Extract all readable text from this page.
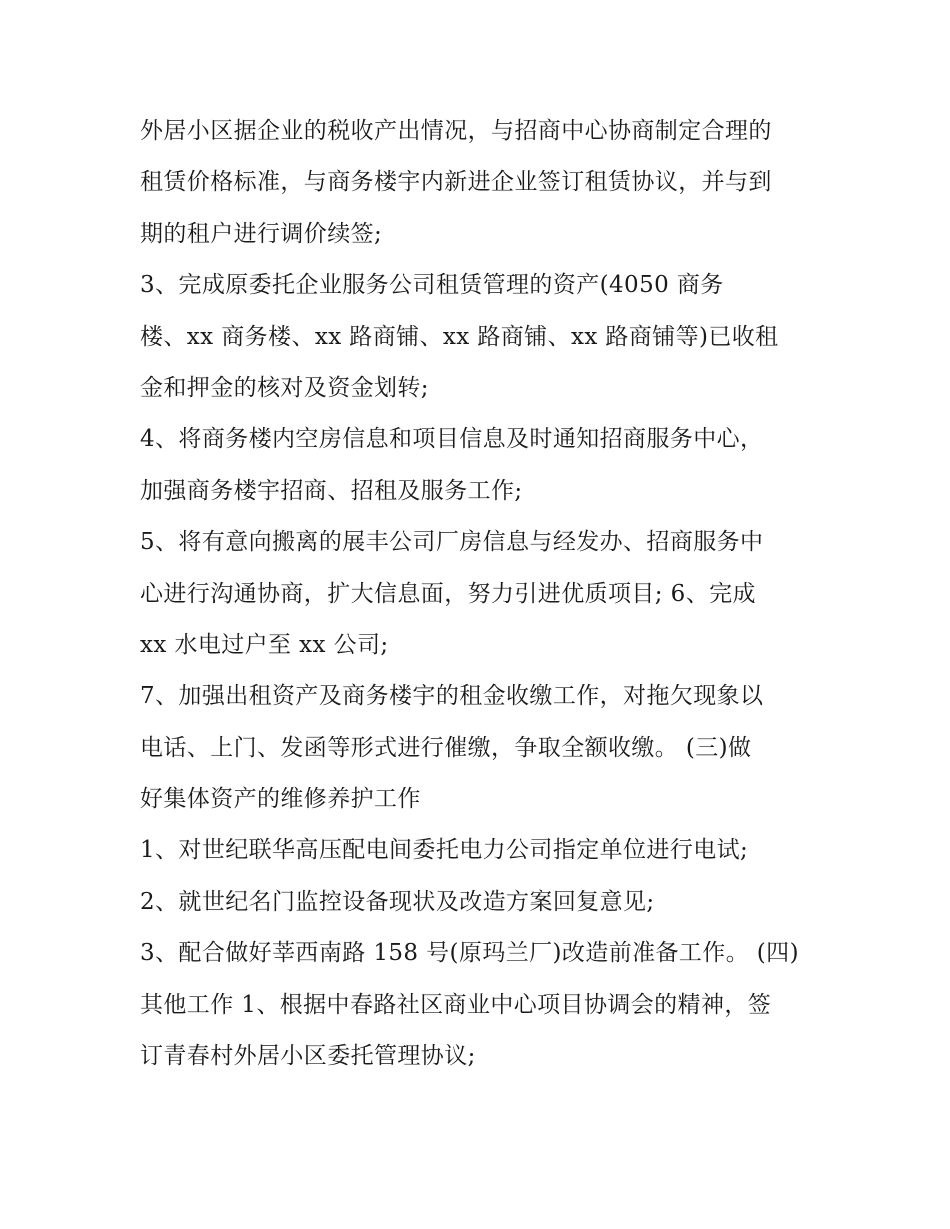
外居小区据企业的税收产出情况，与招商中心协商制定合理的
租赁价格标准，与商务楼宇内新进企业签订租赁协议，并与到
期的租户进行调价续签;
3、完成原委托企业服务公司租赁管理的资产(4050 商务
楼、xx 商务楼、xx 路商铺、xx 路商铺、xx 路商铺等)已收租
金和押金的核对及资金划转;
4、将商务楼内空房信息和项目信息及时通知招商服务中心，
加强商务楼宇招商、招租及服务工作;
5、将有意向搬离的展丰公司厂房信息与经发办、招商服务中
心进行沟通协商，扩大信息面，努力引进优质项目; 6、完成
xx 水电过户至 xx 公司;
7、加强出租资产及商务楼宇的租金收缴工作，对拖欠现象以
电话、上门、发函等形式进行催缴，争取全额收缴。 (三)做
好集体资产的维修养护工作
1、对世纪联华高压配电间委托电力公司指定单位进行电试;
2、就世纪名门监控设备现状及改造方案回复意见;
3、配合做好莘西南路 158 号(原玛兰厂)改造前准备工作。 (四)
其他工作 1、根据中春路社区商业中心项目协调会的精神，签
订青春村外居小区委托管理协议;
